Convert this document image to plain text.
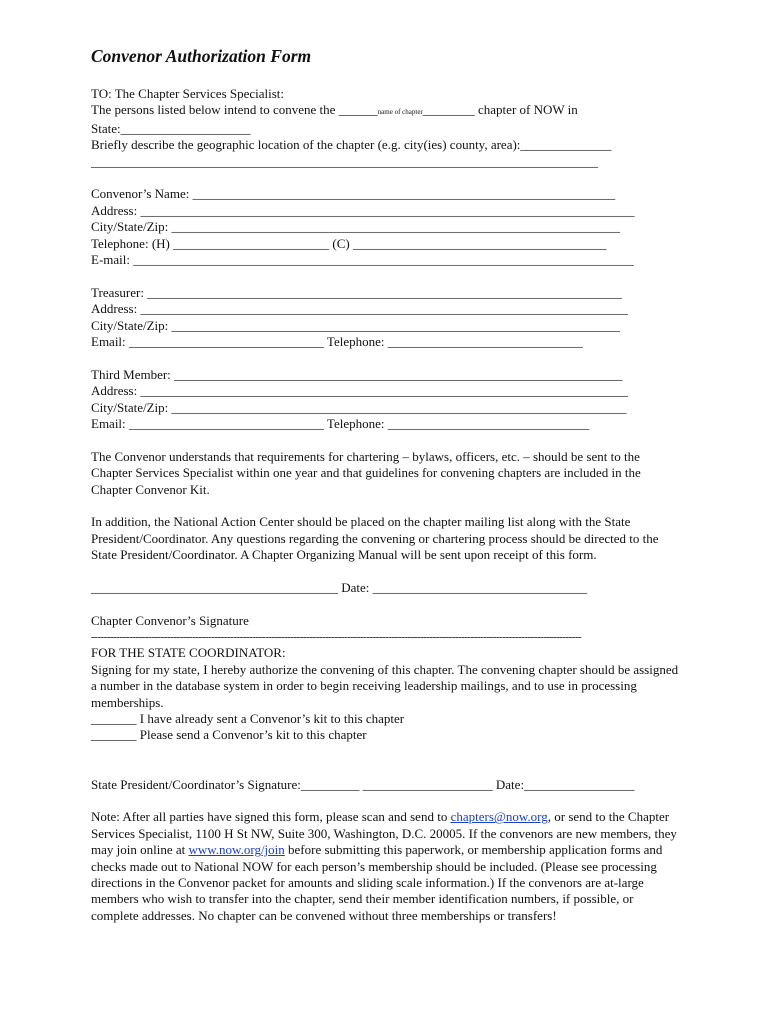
Convenor Authorization Form
TO: The Chapter Services Specialist:
The persons listed below intend to convene the ______name of chapter________ chapter of NOW in
State:____________________
Briefly describe the geographic location of the chapter (e.g. city(ies) county, area):______________
______________________________________________________________________________
Convenor’s Name: _________________________________________________________________
Address: ____________________________________________________________________________
City/State/Zip: _____________________________________________________________________
Telephone: (H) ________________________ (C) _______________________________________
E-mail: _____________________________________________________________________________
Treasurer: _________________________________________________________________________
Address: ___________________________________________________________________________
City/State/Zip: _____________________________________________________________________
Email: ______________________________ Telephone: ______________________________
Third Member: _____________________________________________________________________
Address: ___________________________________________________________________________
City/State/Zip: ______________________________________________________________________
Email: ______________________________ Telephone: _______________________________
The Convenor understands that requirements for chartering – bylaws, officers, etc. – should be sent to the Chapter Services Specialist within one year and that guidelines for convening chapters are included in the Chapter Convenor Kit.
In addition, the National Action Center should be placed on the chapter mailing list along with the State President/Coordinator. Any questions regarding the convening or chartering process should be directed to the State President/Coordinator. A Chapter Organizing Manual will be sent upon receipt of this form.
______________________________________ Date: _________________________________
Chapter Convenor’s Signature
-----------------------------------------------------------------------------------------------------------------------------------------------------------
FOR THE STATE COORDINATOR:
Signing for my state, I hereby authorize the convening of this chapter. The convening chapter should be assigned a number in the database system in order to begin receiving leadership mailings, and to use in processing memberships.
_______ I have already sent a Convenor’s kit to this chapter
_______ Please send a Convenor’s kit to this chapter
State President/Coordinator’s Signature:_________ ____________________ Date:_________________
Note: After all parties have signed this form, please scan and send to chapters@now.org, or send to the Chapter Services Specialist, 1100 H St NW, Suite 300, Washington, D.C. 20005. If the convenors are new members, they may join online at www.now.org/join before submitting this paperwork, or membership application forms and checks made out to National NOW for each person’s membership should be included. (Please see processing directions in the Convenor packet for amounts and sliding scale information.) If the convenors are at-large members who wish to transfer into the chapter, send their member identification numbers, if possible, or complete addresses. No chapter can be convened without three memberships or transfers!
